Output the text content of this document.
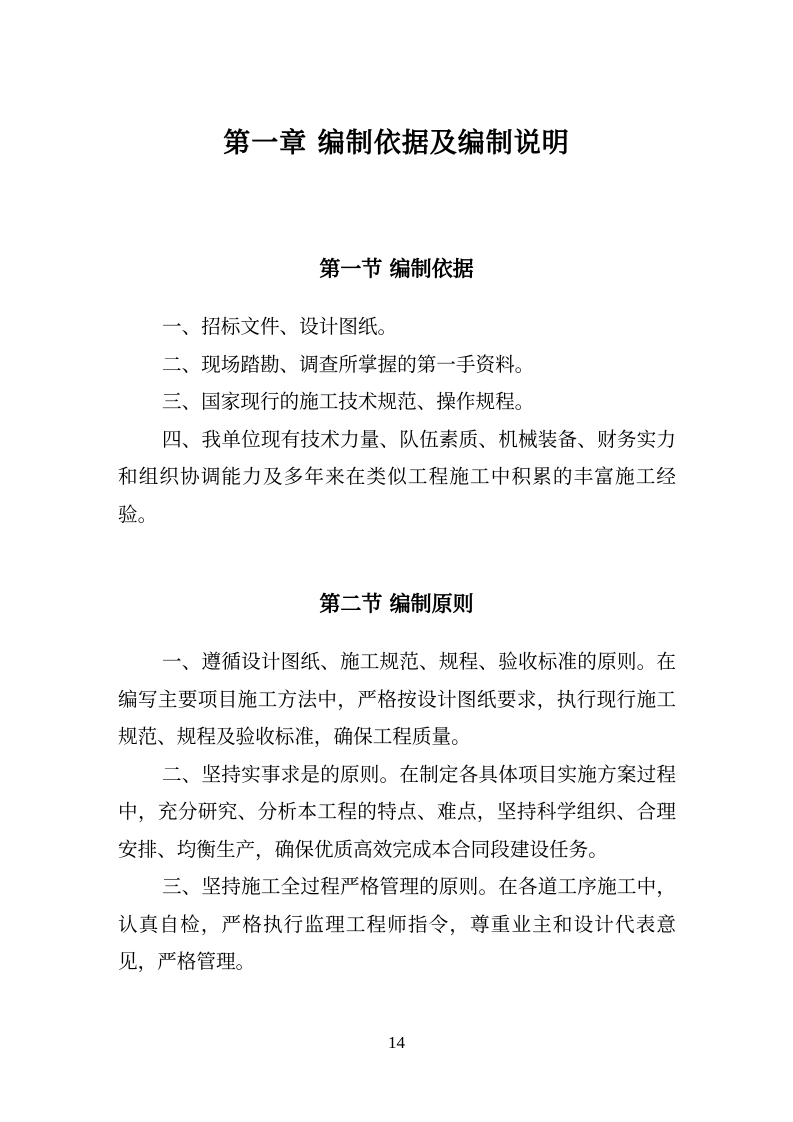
第一章 编制依据及编制说明
第一节 编制依据

一、招标文件、设计图纸。

二、现场踏勘、调查所掌握的第一手资料。

三、国家现行的施工技术规范、操作规程。

四、我单位现有技术力量、队伍素质、机械装备、财务实力和组织协调能力及多年来在类似工程施工中积累的丰富施工经验。

第二节 编制原则

一、遵循设计图纸、施工规范、规程、验收标准的原则。在编写主要项目施工方法中，严格按设计图纸要求，执行现行施工规范、规程及验收标准，确保工程质量。

二、坚持实事求是的原则。在制定各具体项目实施方案过程中，充分研究、分析本工程的特点、难点，坚持科学组织、合理安排、均衡生产，确保优质高效完成本合同段建设任务。

三、坚持施工全过程严格管理的原则。在各道工序施工中，认真自检，严格执行监理工程师指令，尊重业主和设计代表意见，严格管理。

14
